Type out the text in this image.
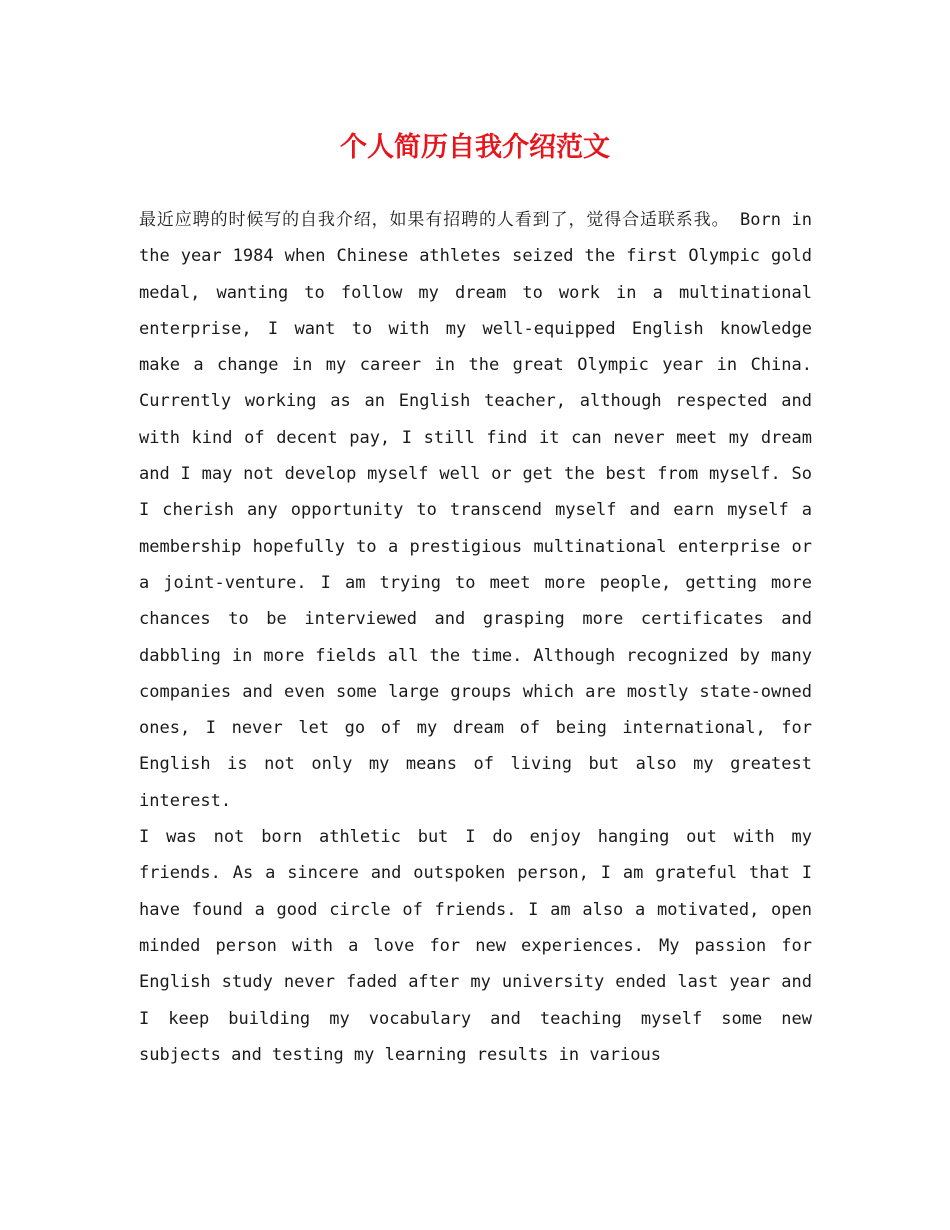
个人简历自我介绍范文

最近应聘的时候写的自我介绍，如果有招聘的人看到了，觉得合适联系我。 Born in the year 1984 when Chinese athletes seized the first Olympic gold medal, wanting to follow my dream to work in a multinational enterprise, I want to with my well-equipped English knowledge make a change in my career in the great Olympic year in China. Currently working as an English teacher, although respected and with kind of decent pay, I still find it can never meet my dream and I may not develop myself well or get the best from myself. So I cherish any opportunity to transcend myself and earn myself a membership hopefully to a prestigious multinational enterprise or a joint-venture. I am trying to meet more people, getting more chances to be interviewed and grasping more certificates and dabbling in more fields all the time. Although recognized by many companies and even some large groups which are mostly state-owned ones, I never let go of my dream of being international, for English is not only my means of living but also my greatest interest.

I was not born athletic but I do enjoy hanging out with my friends. As a sincere and outspoken person, I am grateful that I have found a good circle of friends. I am also a motivated, open minded person with a love for new experiences. My passion for English study never faded after my university ended last year and I keep building my vocabulary and teaching myself some new subjects and testing my learning results in various
